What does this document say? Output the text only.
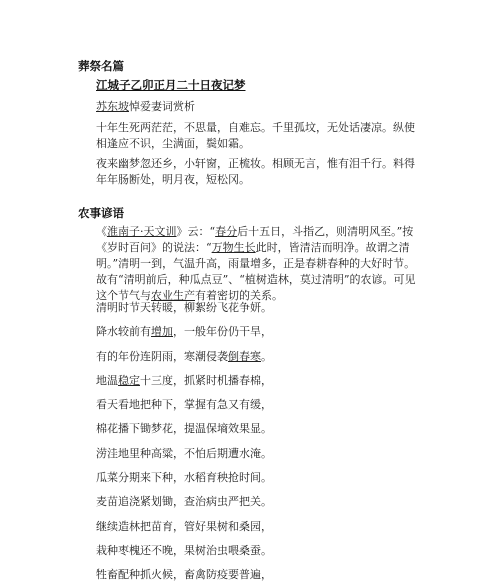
葬祭名篇
江城子乙卯正月二十日夜记梦
苏东坡悼爱妻词赏析
十年生死两茫茫，不思量，自难忘。千里孤坟，无处话凄凉。纵使相逢应不识，尘满面，鬓如霜。
夜来幽梦忽还乡，小轩窗，正梳妆。相顾无言，惟有泪千行。料得年年肠断处，明月夜，短松冈。
农事谚语
《淮南子·天文训》云：“春分后十五日，斗指乙，则清明风至。”按《岁时百问》的说法：“万物生长此时，皆清洁而明净。故谓之清明。”清明一到，气温升高，雨量增多，正是春耕春种的大好时节。故有“清明前后，种瓜点豆”、“植树造林，莫过清明”的农谚。可见这个节气与农业生产有着密切的关系。
清明时节天转暖，柳絮纷飞花争妍。
降水较前有增加，一般年份仍干旱，
有的年份连阴雨，寒潮侵袭倒春寒。
地温稳定十三度，抓紧时机播春棉，
看天看地把种下，掌握有急又有缓，
棉花播下锄梦花，提温保墒效果显。
涝洼地里种高粱，不怕后期遭水淹。
瓜菜分期来下种，水稻育秧抢时间。
麦苗追浇紧划锄，查治病虫严把关。
继续造林把苗育，管好果树和桑园，
栽种枣槐还不晚，果树治虫喂桑蚕。
牲畜配种抓火候，畜禽防疫要普遍，
